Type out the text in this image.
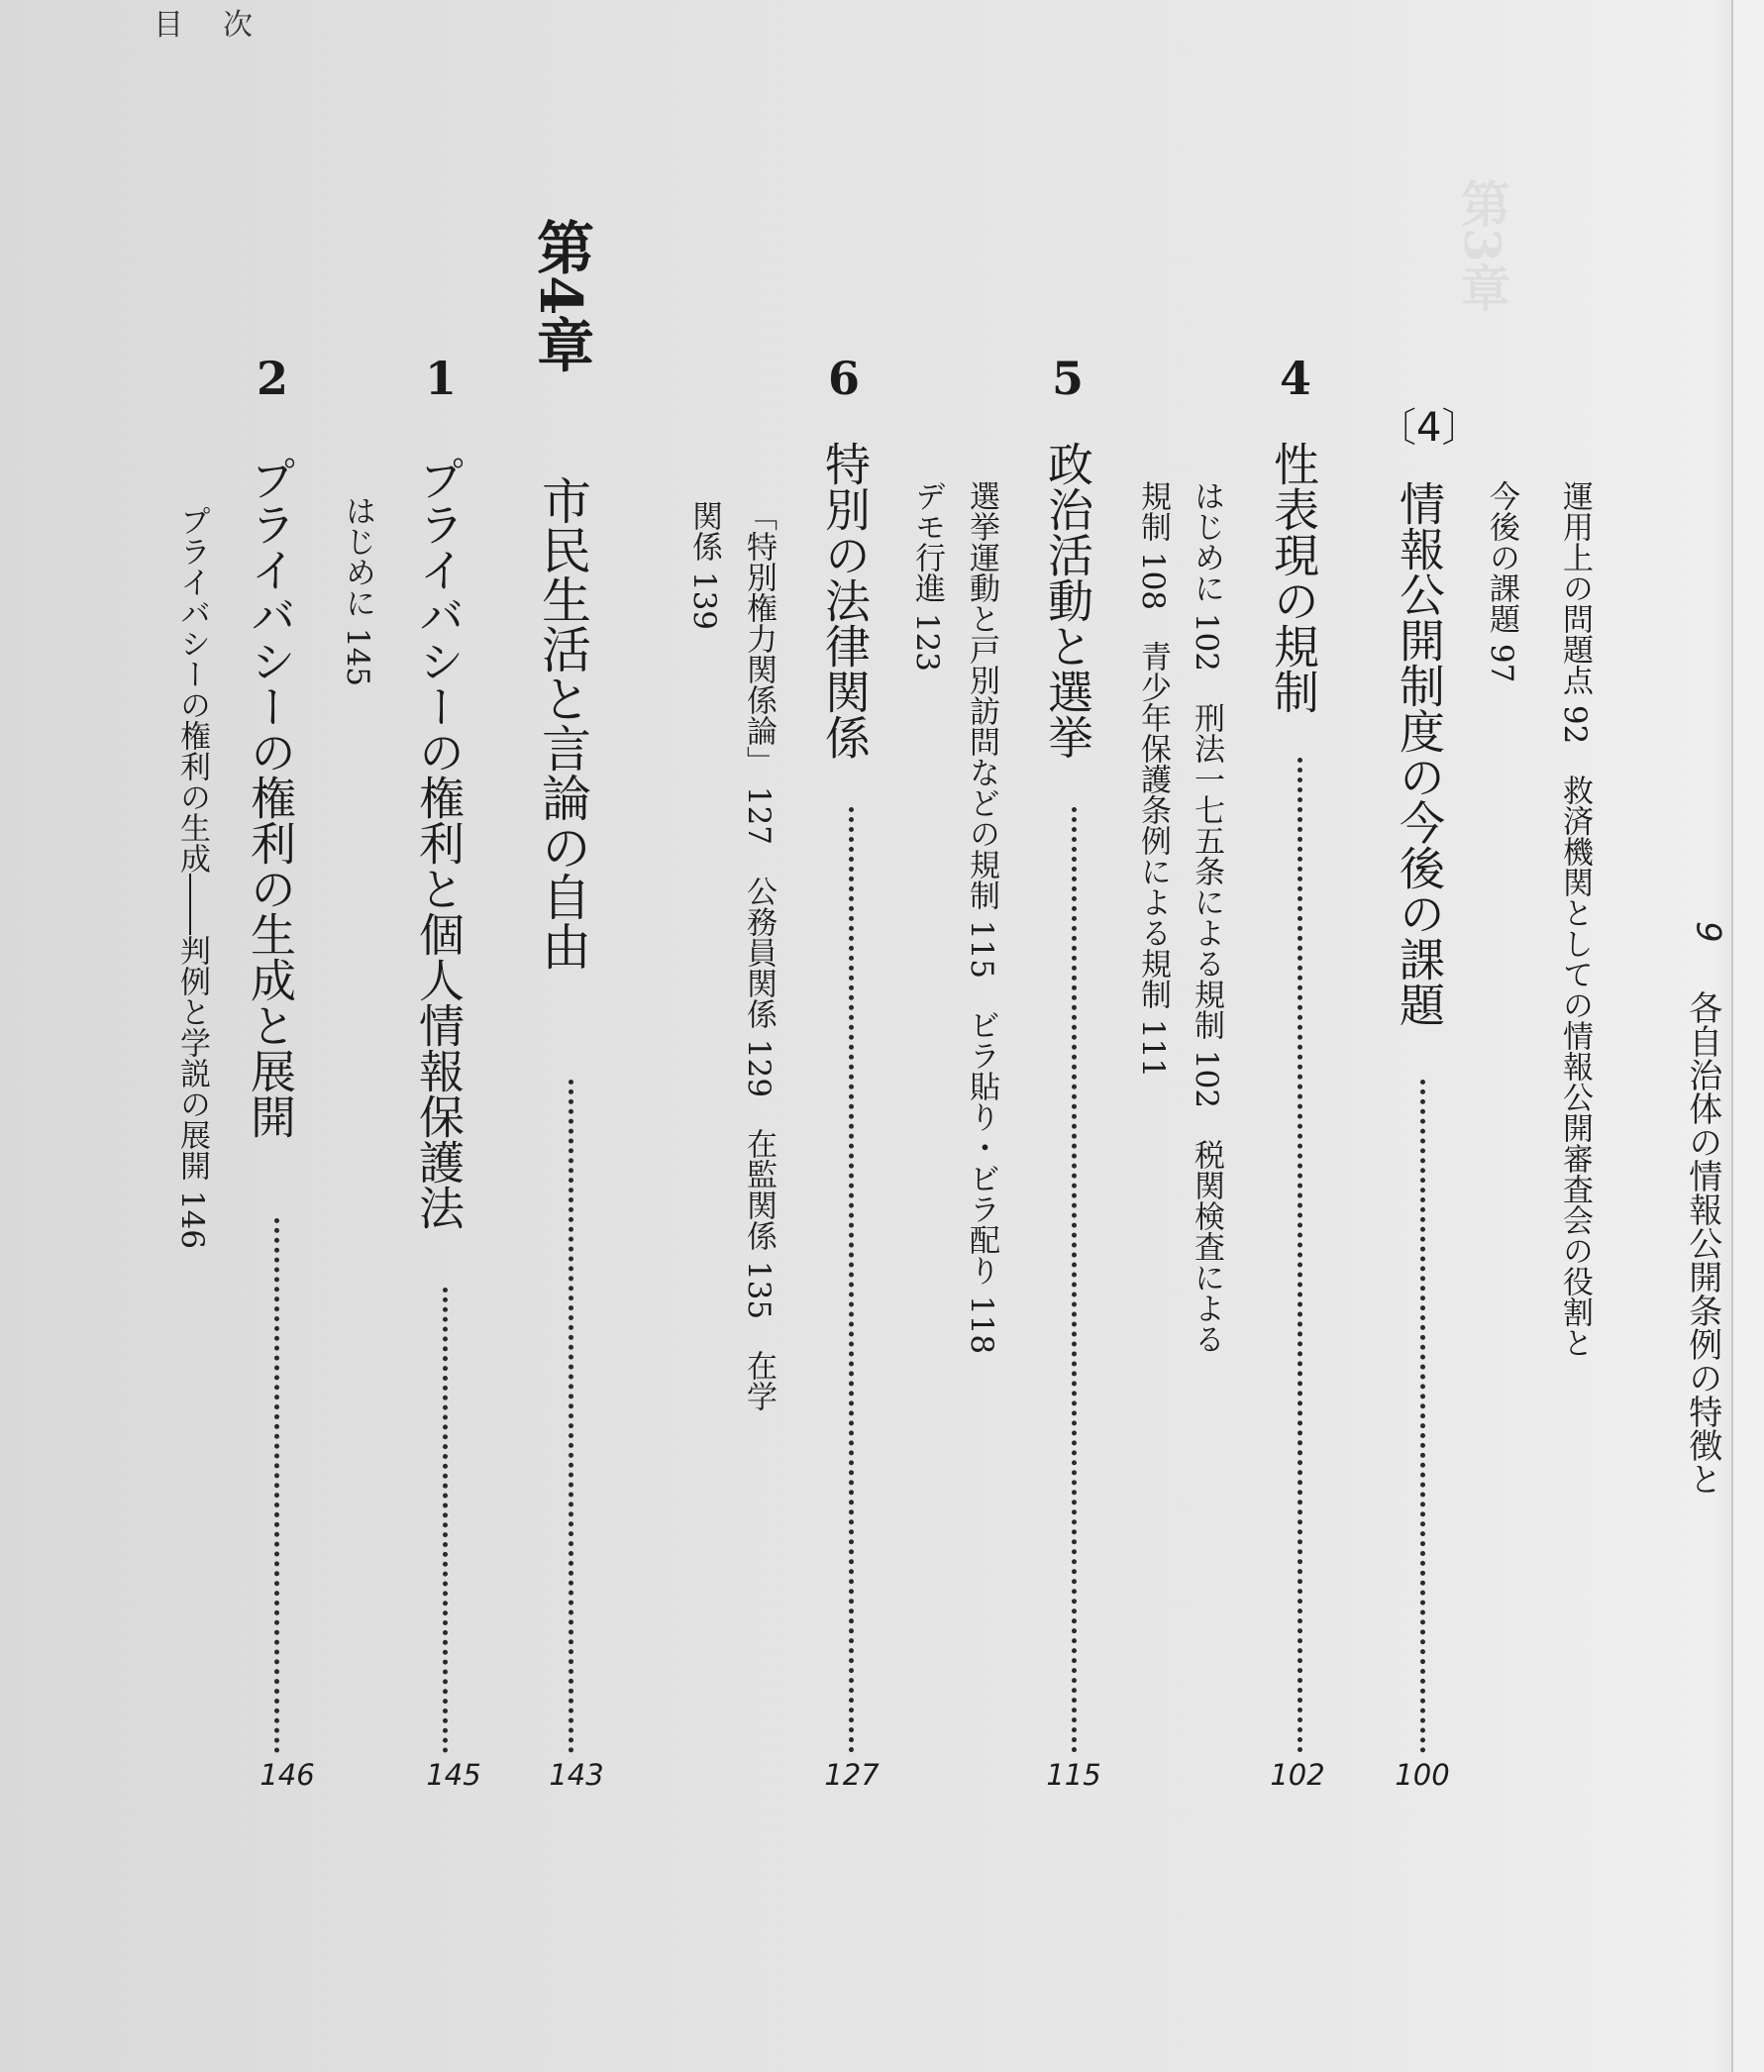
目次
第3章
各自治体の情報公開条例の特徴と
9
〔4〕
運用上の問題点 92　救済機関としての情報公開審査会の役割と
今後の課題 97
情報公開制度の今後の課題
100
4
性表現の規制
102
はじめに 102　刑法一七五条による規制 102　税関検査による
規制 108　青少年保護条例による規制 111
5
政治活動と選挙
115
選挙運動と戸別訪問などの規制 115　ビラ貼り・ビラ配り 118
デモ行進 123
6
特別の法律関係
127
「特別権力関係論」 127　公務員関係 129　在監関係 135　在学
関係 139
第4章
市民生活と言論の自由
143
1
プライバシーの権利と個人情報保護法
145
はじめに 145
2
プライバシーの権利の生成と展開
146
プライバシーの権利の生成――判例と学説の展開 146
